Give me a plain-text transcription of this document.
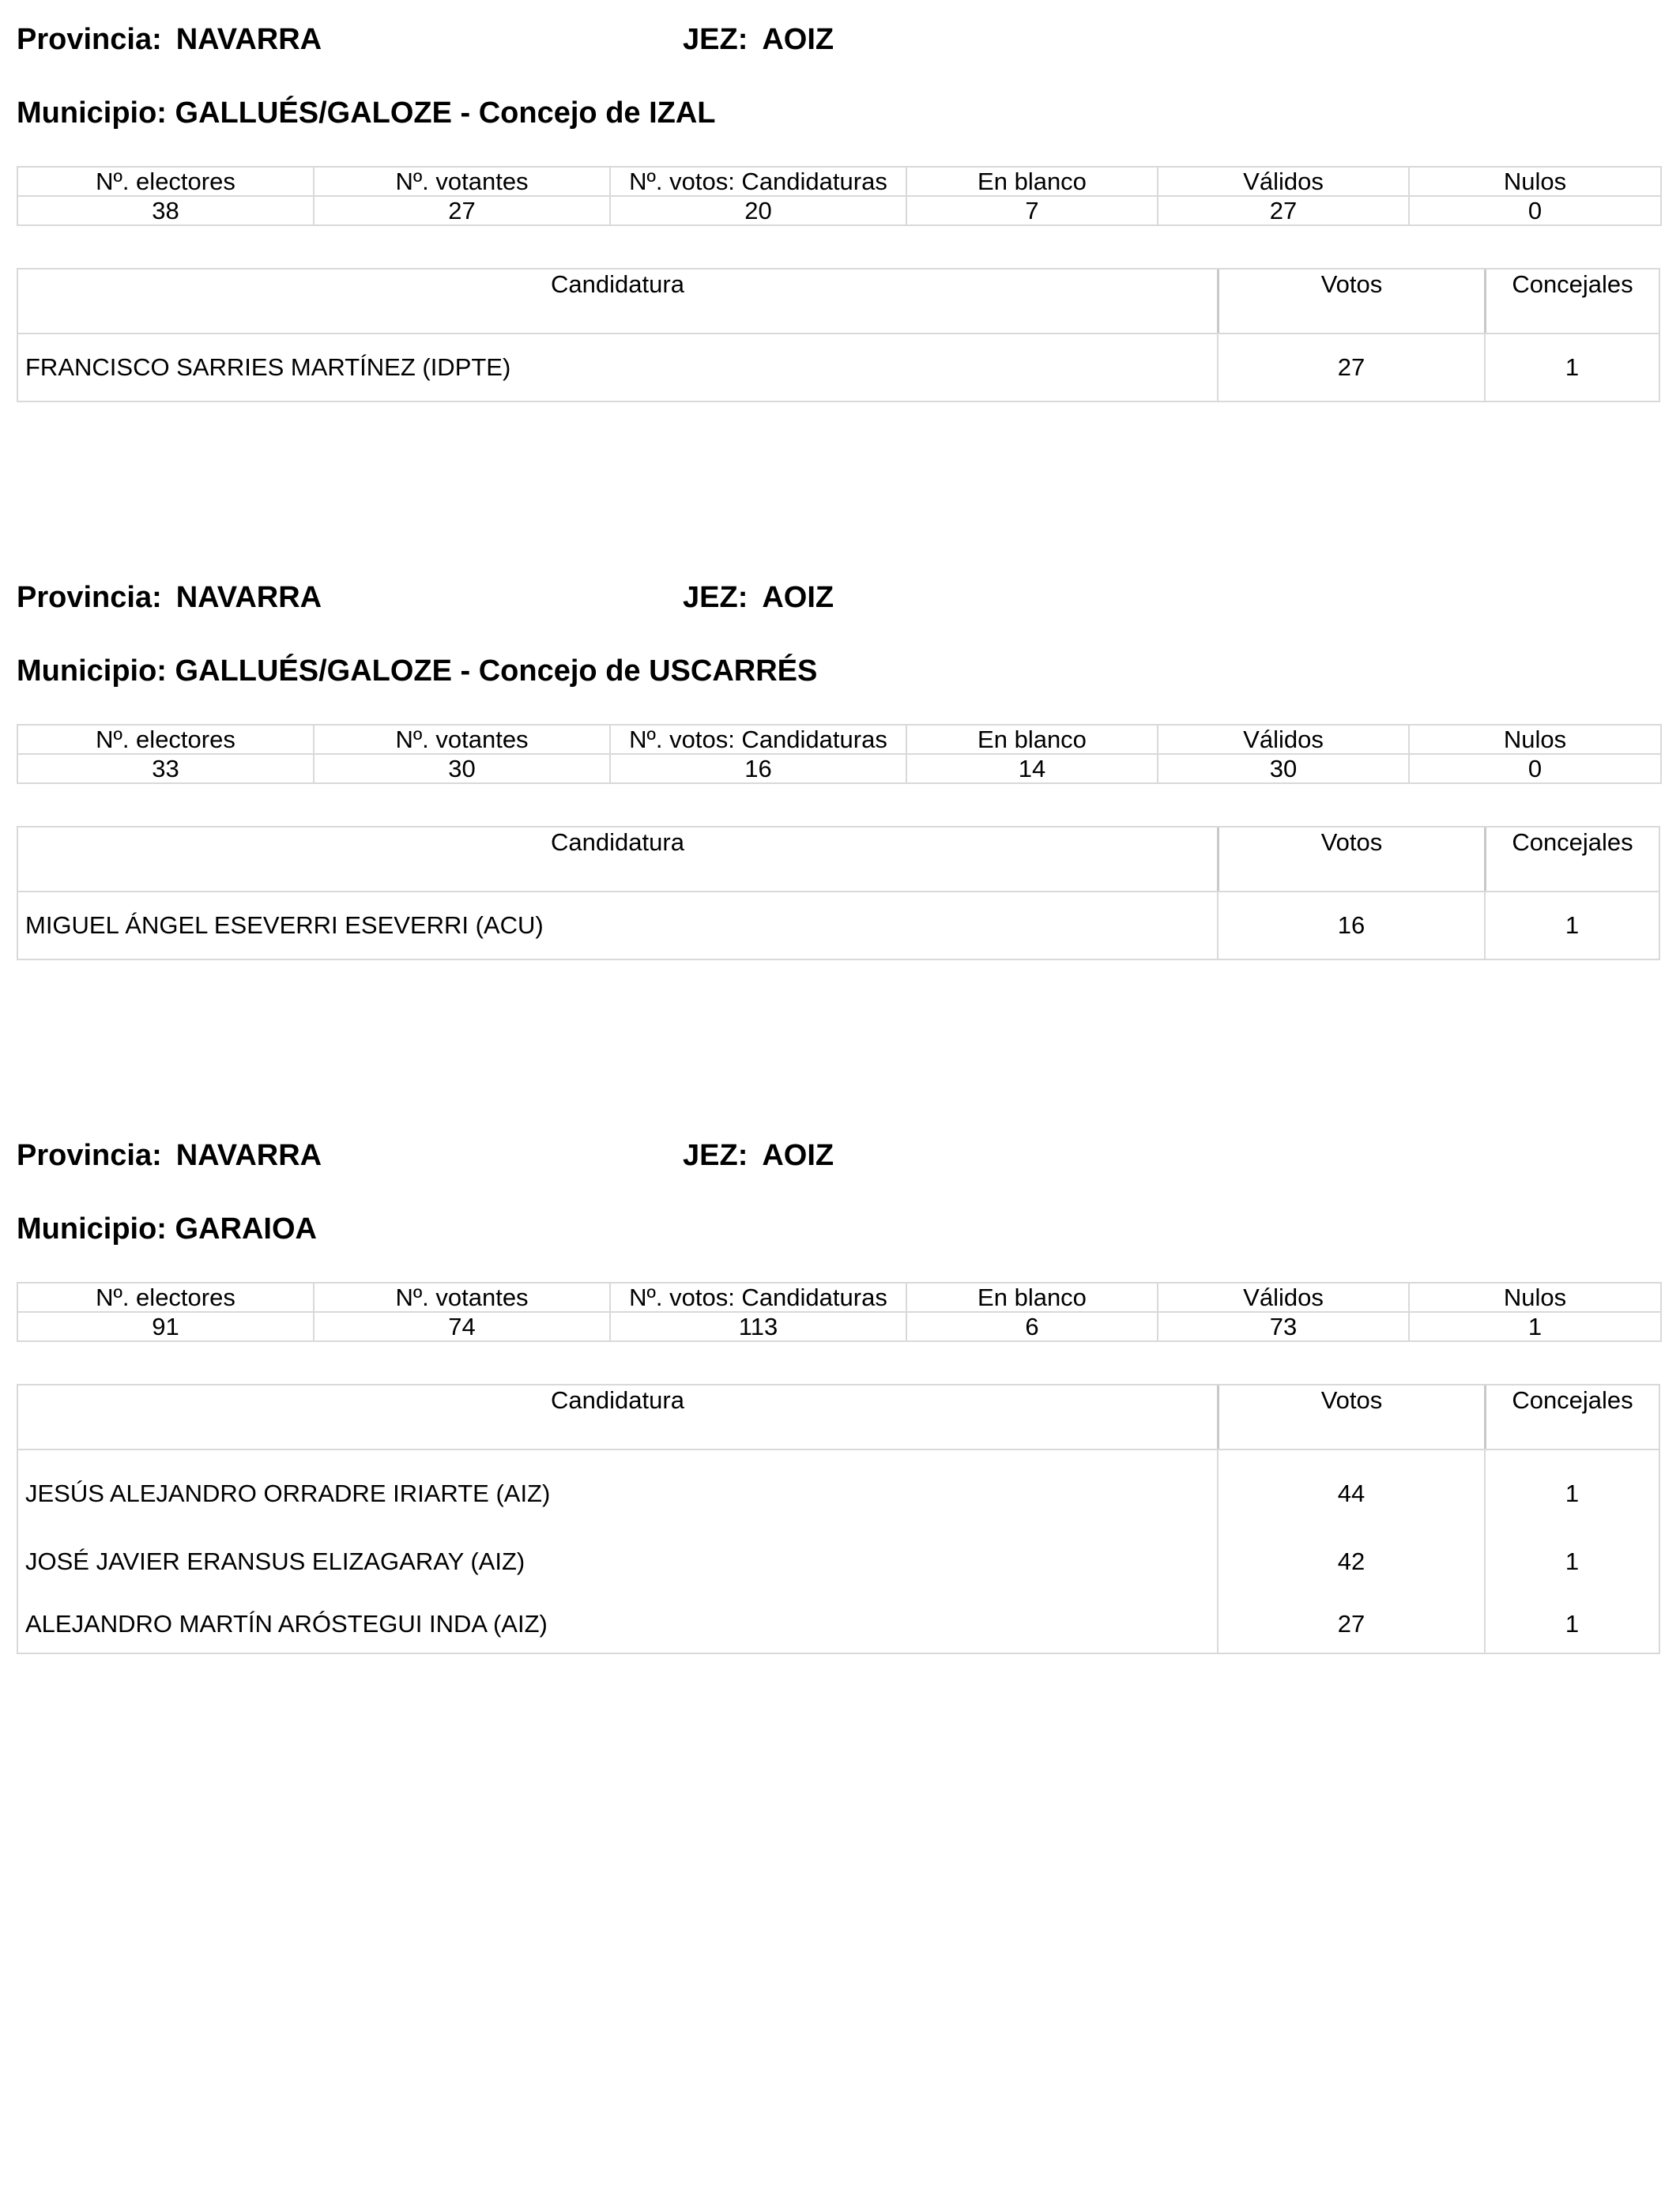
Provincia: NAVARRA	JEZ: AOIZ
Municipio: GALLUÉS/GALOZE - Concejo de IZAL
Nº. electores	Nº. votantes	Nº. votos: Candidaturas	En blanco	Válidos	Nulos
38	27	20	7	27	0
Candidatura	Votos	Concejales
FRANCISCO SARRIES MARTÍNEZ (IDPTE)	27	1
Provincia: NAVARRA	JEZ: AOIZ
Municipio: GALLUÉS/GALOZE - Concejo de USCARRÉS
Nº. electores	Nº. votantes	Nº. votos: Candidaturas	En blanco	Válidos	Nulos
33	30	16	14	30	0
Candidatura	Votos	Concejales
MIGUEL ÁNGEL ESEVERRI ESEVERRI (ACU)	16	1
Provincia: NAVARRA	JEZ: AOIZ
Municipio: GARAIOA
Nº. electores	Nº. votantes	Nº. votos: Candidaturas	En blanco	Válidos	Nulos
91	74	113	6	73	1
Candidatura	Votos	Concejales
JESÚS ALEJANDRO ORRADRE IRIARTE (AIZ)	44	1
JOSÉ JAVIER ERANSUS ELIZAGARAY (AIZ)	42	1
ALEJANDRO MARTÍN ARÓSTEGUI INDA (AIZ)	27	1
